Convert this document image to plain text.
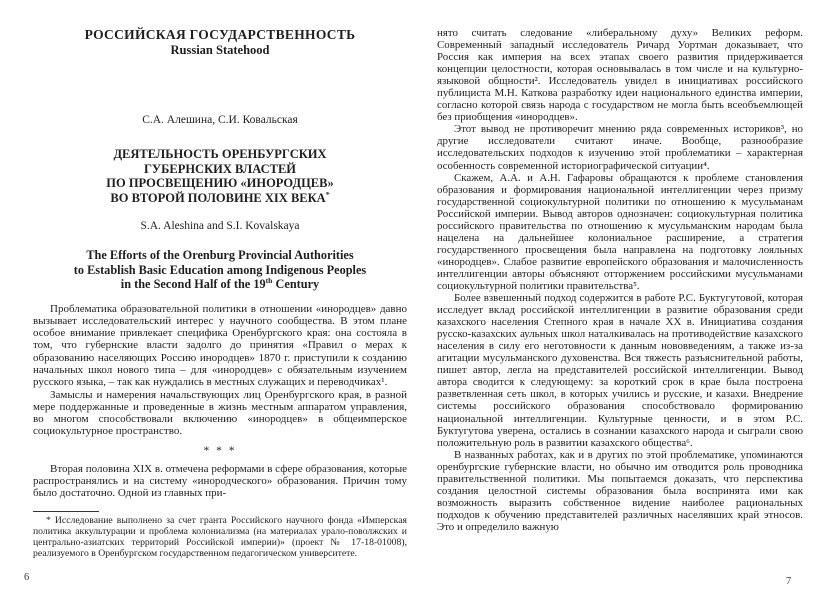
РОССИЙСКАЯ ГОСУДАРСТВЕННОСТЬ
Russian Statehood
С.А. Алешина, С.И. Ковальская
ДЕЯТЕЛЬНОСТЬ ОРЕНБУРГСКИХ
ГУБЕРНСКИХ ВЛАСТЕЙ
ПО ПРОСВЕЩЕНИЮ «ИНОРОДЦЕВ»
ВО ВТОРОЙ ПОЛОВИНЕ XIX ВЕКА*
S.A. Aleshina and S.I. Kovalskaya
The Efforts of the Orenburg Provincial Authorities
to Establish Basic Education among Indigenous Peoples
in the Second Half of the 19th Century

Проблематика образовательной политики в отношении «инородцев» давно вызывает исследовательский интерес у научного сообщества. В этом плане особое внимание привлекает специфика Оренбургского края: она состояла в том, что губернские власти задолго до принятия «Правил о мерах к образованию населяющих Россию инородцев» 1870 г. приступили к созданию начальных школ нового типа – для «инородцев» с обязательным изучением русского языка, – так как нуждались в местных служащих и переводчиках¹.

Замыслы и намерения начальствующих лиц Оренбургского края, в разной мере поддержанные и проведенные в жизнь местным аппаратом управления, во многом способствовали включению «инородцев» в общеимперское социокультурное пространство.

* * *

Вторая половина XIX в. отмечена реформами в сфере образования, которые распространялись и на систему «инородческого» образования. Причин тому было достаточно. Одной из главных при-

* Исследование выполнено за счет гранта Российского научного фонда «Имперская политика аккультурации и проблема колониализма (на материалах урало-поволжских и центрально-азиатских территорий Российской империи)» (проект № 17-18-01008), реализуемого в Оренбургском государственном педагогическом университете.

нято считать следование «либеральному духу» Великих реформ. Современный западный исследователь Ричард Уортман доказывает, что Россия как империя на всех этапах своего развития придерживается концепции целостности, которая основывалась в том числе и на культурно-языковой общности². Исследователь увидел в инициативах российского публициста М.Н. Каткова разработку идеи национального единства империи, согласно которой связь народа с государством не могла быть всеобъемлющей без приобщения «инородцев».

Этот вывод не противоречит мнению ряда современных историков³, но другие исследователи считают иначе. Вообще, разнообразие исследовательских подходов к изучению этой проблематики – характерная особенность современной историографической ситуации⁴.

Скажем, А.А. и А.Н. Гафаровы обращаются к проблеме становления образования и формирования национальной интеллигенции через призму государственной социокультурной политики по отношению к мусульманам Российской империи. Вывод авторов однозначен: социокультурная политика российского правительства по отношению к мусульманским народам была нацелена на дальнейшее колониальное расширение, а стратегия государственного просвещения была направлена на подготовку лояльных «инородцев». Слабое развитие европейского образования и малочисленность интеллигенции авторы объясняют отторжением российскими мусульманами социокультурной политики правительства⁵.

Более взвешенный подход содержится в работе Р.С. Буктугутовой, которая исследует вклад российской интеллигенции в развитие образования среди казахского населения Степного края в начале XX в. Инициатива создания русско-казахских аульных школ наталкивалась на противодействие казахского населения в силу его неготовности к данным нововведениям, а также из-за агитации мусульманского духовенства. Вся тяжесть разъяснительной работы, пишет автор, легла на представителей российской интеллигенции. Вывод автора сводится к следующему: за короткий срок в крае была построена разветвленная сеть школ, в которых учились и русские, и казахи. Внедрение системы российского образования способствовало формированию национальной интеллигенции. Культурные ценности, и в этом Р.С. Буктугутова уверена, остались в сознании казахского народа и сыграли свою положительную роль в развитии казахского общества⁶.

В названных работах, как и в других по этой проблематике, упоминаются оренбургские губернские власти, но обычно им отводится роль проводника правительственной политики. Мы попытаемся доказать, что перспектива создания целостной системы образования была воспринята ими как возможность выразить собственное видение наиболее рациональных подходов к обучению представителей различных населявших край этносов. Это и определило важную

6	7
